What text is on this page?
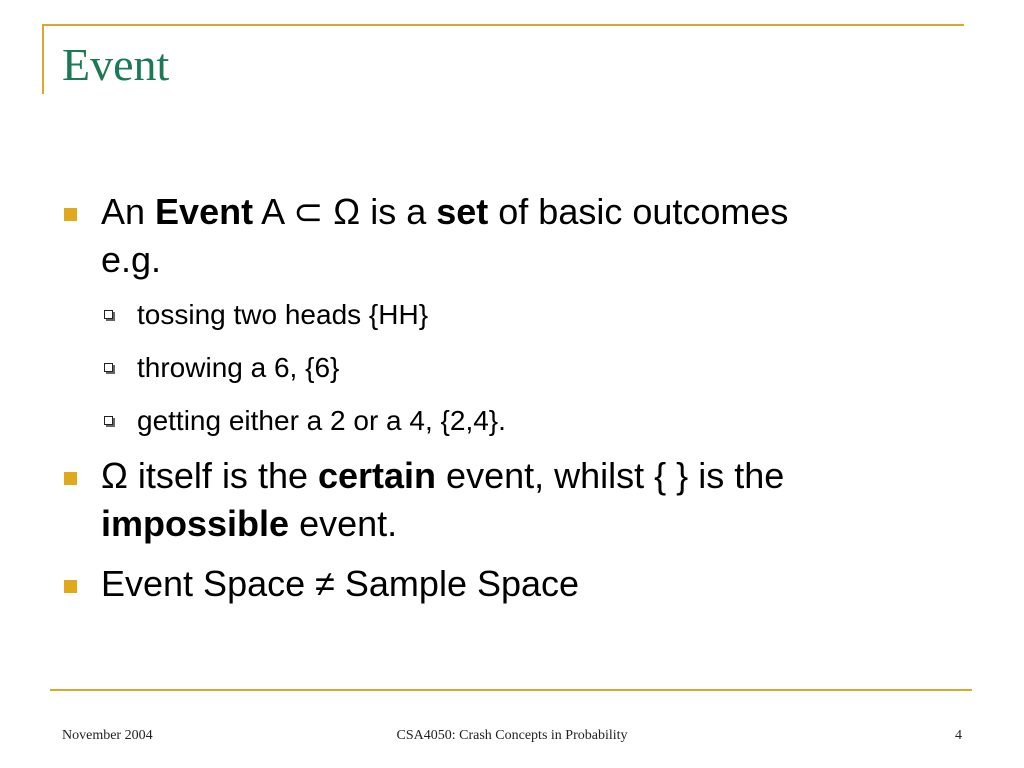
Event
An Event A ⊂ Ω is a set of basic outcomes
e.g.
tossing two heads {HH}
throwing a 6, {6}
getting either a 2 or a 4, {2,4}.
Ω itself is the certain event, whilst { } is the
impossible event.
Event Space ≠ Sample Space
November 2004	CSA4050: Crash Concepts in Probability	4
